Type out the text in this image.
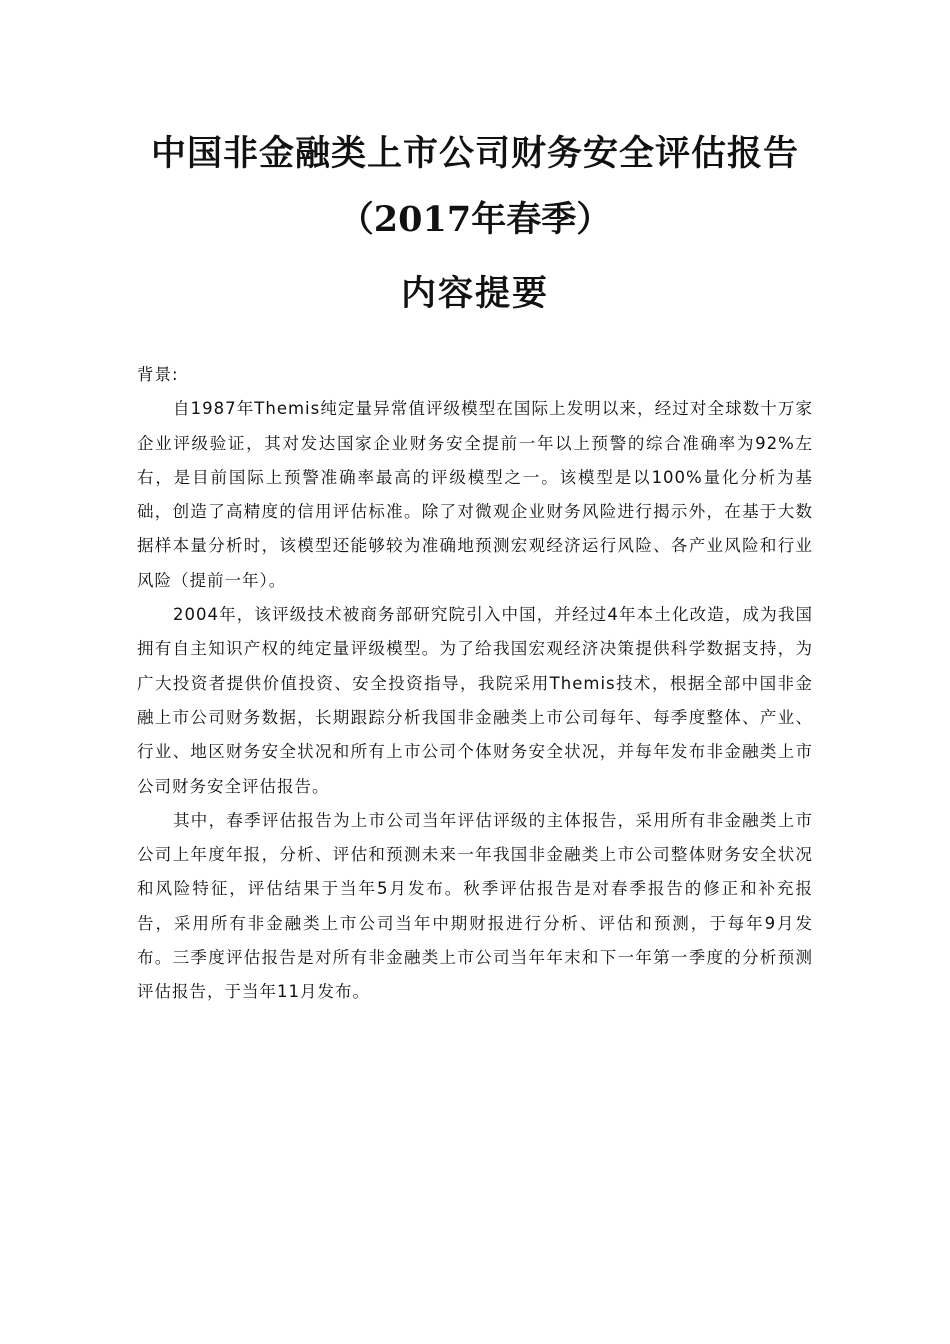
中国非金融类上市公司财务安全评估报告
（2017年春季）
内容提要

背景:

自1987年Themis纯定量异常值评级模型在国际上发明以来，经过对全球数十万家企业评级验证，其对发达国家企业财务安全提前一年以上预警的综合准确率为92%左右，是目前国际上预警准确率最高的评级模型之一。该模型是以100%量化分析为基础，创造了高精度的信用评估标准。除了对微观企业财务风险进行揭示外，在基于大数据样本量分析时，该模型还能够较为准确地预测宏观经济运行风险、各产业风险和行业风险（提前一年）。

2004年，该评级技术被商务部研究院引入中国，并经过4年本土化改造，成为我国拥有自主知识产权的纯定量评级模型。为了给我国宏观经济决策提供科学数据支持，为广大投资者提供价值投资、安全投资指导，我院采用Themis技术，根据全部中国非金融上市公司财务数据，长期跟踪分析我国非金融类上市公司每年、每季度整体、产业、行业、地区财务安全状况和所有上市公司个体财务安全状况，并每年发布非金融类上市公司财务安全评估报告。

其中，春季评估报告为上市公司当年评估评级的主体报告，采用所有非金融类上市公司上年度年报，分析、评估和预测未来一年我国非金融类上市公司整体财务安全状况和风险特征，评估结果于当年5月发布。秋季评估报告是对春季报告的修正和补充报告，采用所有非金融类上市公司当年中期财报进行分析、评估和预测，于每年9月发布。三季度评估报告是对所有非金融类上市公司当年年末和下一年第一季度的分析预测评估报告，于当年11月发布。
